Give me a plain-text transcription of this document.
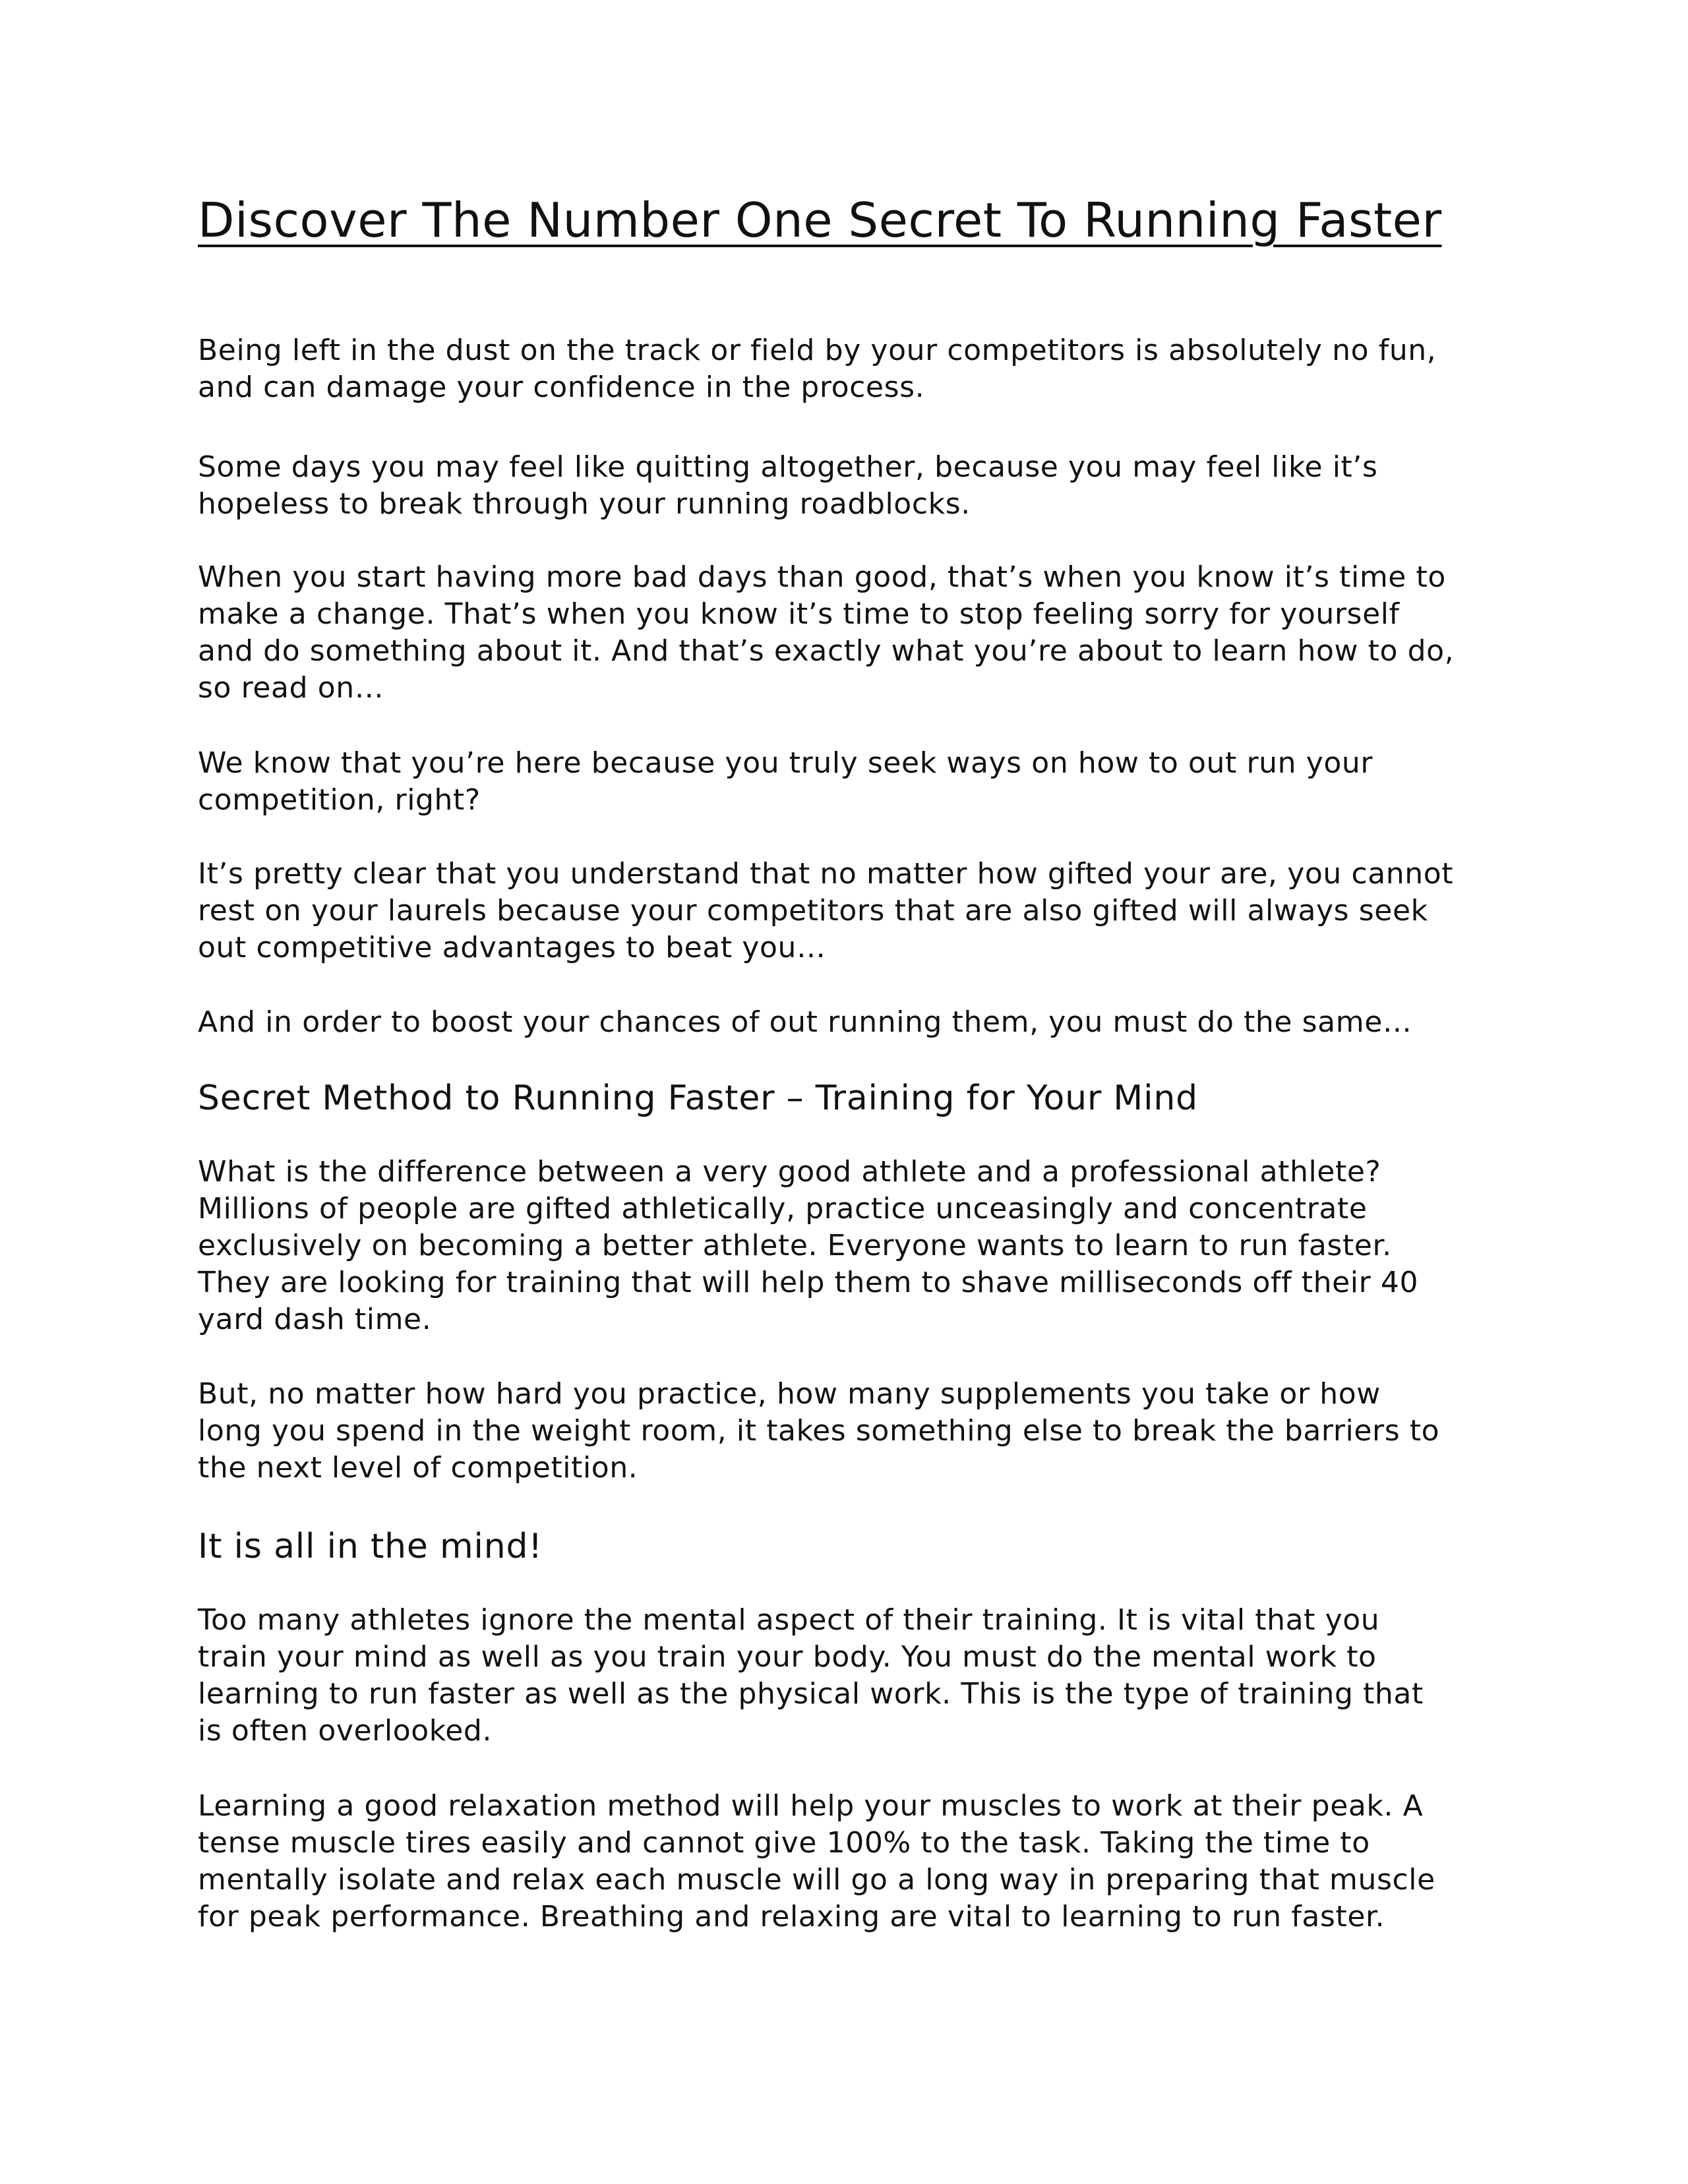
Discover The Number One Secret To Running Faster

Being left in the dust on the track or field by your competitors is absolutely no fun,
and can damage your confidence in the process.

Some days you may feel like quitting altogether, because you may feel like it’s
hopeless to break through your running roadblocks.

When you start having more bad days than good, that’s when you know it’s time to
make a change. That’s when you know it’s time to stop feeling sorry for yourself
and do something about it. And that’s exactly what you’re about to learn how to do,
so read on…

We know that you’re here because you truly seek ways on how to out run your
competition, right?

It’s pretty clear that you understand that no matter how gifted your are, you cannot
rest on your laurels because your competitors that are also gifted will always seek
out competitive advantages to beat you…

And in order to boost your chances of out running them, you must do the same…

Secret Method to Running Faster – Training for Your Mind

What is the difference between a very good athlete and a professional athlete?
Millions of people are gifted athletically, practice unceasingly and concentrate
exclusively on becoming a better athlete. Everyone wants to learn to run faster.
They are looking for training that will help them to shave milliseconds off their 40
yard dash time.

But, no matter how hard you practice, how many supplements you take or how
long you spend in the weight room, it takes something else to break the barriers to
the next level of competition.

It is all in the mind!

Too many athletes ignore the mental aspect of their training. It is vital that you
train your mind as well as you train your body. You must do the mental work to
learning to run faster as well as the physical work. This is the type of training that
is often overlooked.

Learning a good relaxation method will help your muscles to work at their peak. A
tense muscle tires easily and cannot give 100% to the task. Taking the time to
mentally isolate and relax each muscle will go a long way in preparing that muscle
for peak performance. Breathing and relaxing are vital to learning to run faster.
